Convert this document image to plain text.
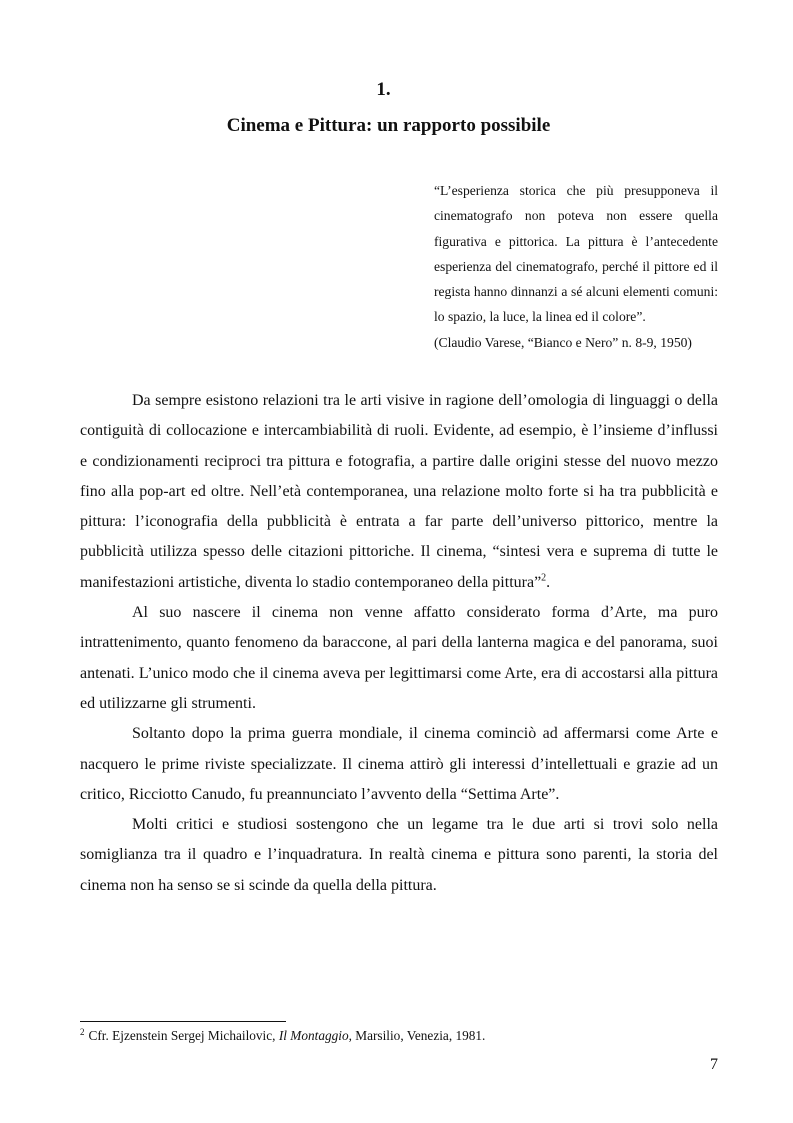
1.
Cinema e Pittura: un rapporto possibile
“L’esperienza storica che più presupponeva il cinematografo non poteva non essere quella figurativa e pittorica. La pittura è l’antecedente esperienza del cinematografo, perché il pittore ed il regista hanno dinnanzi a sé alcuni elementi comuni: lo spazio, la luce, la linea ed il colore”.
(Claudio Varese, “Bianco e Nero” n. 8-9, 1950)

Da sempre esistono relazioni tra le arti visive in ragione dell’omologia di linguaggi o della contiguità di collocazione e intercambiabilità di ruoli. Evidente, ad esempio, è l’insieme d’influssi e condizionamenti reciproci tra pittura e fotografia, a partire dalle origini stesse del nuovo mezzo fino alla pop-art ed oltre. Nell’età contemporanea, una relazione molto forte si ha tra pubblicità e pittura: l’iconografia della pubblicità è entrata a far parte dell’universo pittorico, mentre la pubblicità utilizza spesso delle citazioni pittoriche. Il cinema, “sintesi vera e suprema di tutte le manifestazioni artistiche, diventa lo stadio contemporaneo della pittura”$^2$.

Al suo nascere il cinema non venne affatto considerato forma d’Arte, ma puro intrattenimento, quanto fenomeno da baraccone, al pari della lanterna magica e del panorama, suoi antenati. L’unico modo che il cinema aveva per legittimarsi come Arte, era di accostarsi alla pittura ed utilizzarne gli strumenti.

Soltanto dopo la prima guerra mondiale, il cinema cominciò ad affermarsi come Arte e nacquero le prime riviste specializzate. Il cinema attirò gli interessi d’intellettuali e grazie ad un critico, Ricciotto Canudo, fu preannunciato l’avvento della “Settima Arte”.

Molti critici e studiosi sostengono che un legame tra le due arti si trovi solo nella somiglianza tra il quadro e l’inquadratura. In realtà cinema e pittura sono parenti, la storia del cinema non ha senso se si scinde da quella della pittura.

$^2$ Cfr. Ejzenstein Sergej Michailovic, Il Montaggio, Marsilio, Venezia, 1981.
7
